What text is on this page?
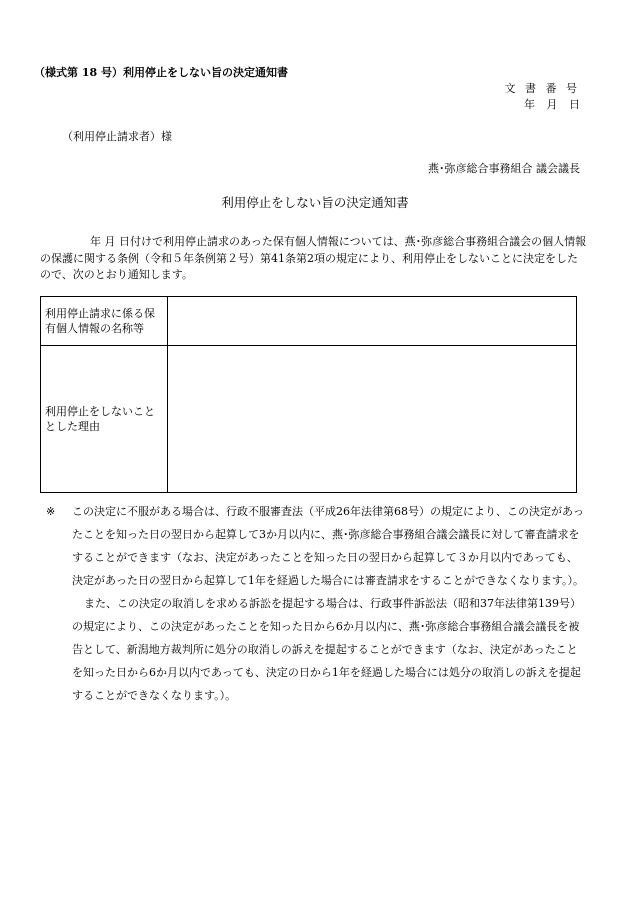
（様式第 18 号）利用停止をしない旨の決定通知書
文 書 番 号
年 月 日
（利用停止請求者）様
燕･弥彦総合事務組合 議会議長
利用停止をしない旨の決定通知書

年 月 日付けで利用停止請求のあった保有個人情報については、燕･弥彦総合事務組合議会の個人情報の保護に関する条例（令和５年条例第２号）第41条第2項の規定により、利用停止をしないことに決定をしたので、次のとおり通知します。

利用停止請求に係る保有個人情報の名称等	
利用停止をしないこととした理由	

※ この決定に不服がある場合は、行政不服審査法（平成26年法律第68号）の規定により、この決定があったことを知った日の翌日から起算して3か月以内に、燕･弥彦総合事務組合議会議長に対して審査請求をすることができます（なお、決定があったことを知った日の翌日から起算して３か月以内であっても、決定があった日の翌日から起算して1年を経過した場合には審査請求をすることができなくなります。）。

また、この決定の取消しを求める訴訟を提起する場合は、行政事件訴訟法（昭和37年法律第139号）の規定により、この決定があったことを知った日から6か月以内に、燕･弥彦総合事務組合議会議長を被告として、新潟地方裁判所に処分の取消しの訴えを提起することができます（なお、決定があったことを知った日から6か月以内であっても、決定の日から1年を経過した場合には処分の取消しの訴えを提起することができなくなります。）。
